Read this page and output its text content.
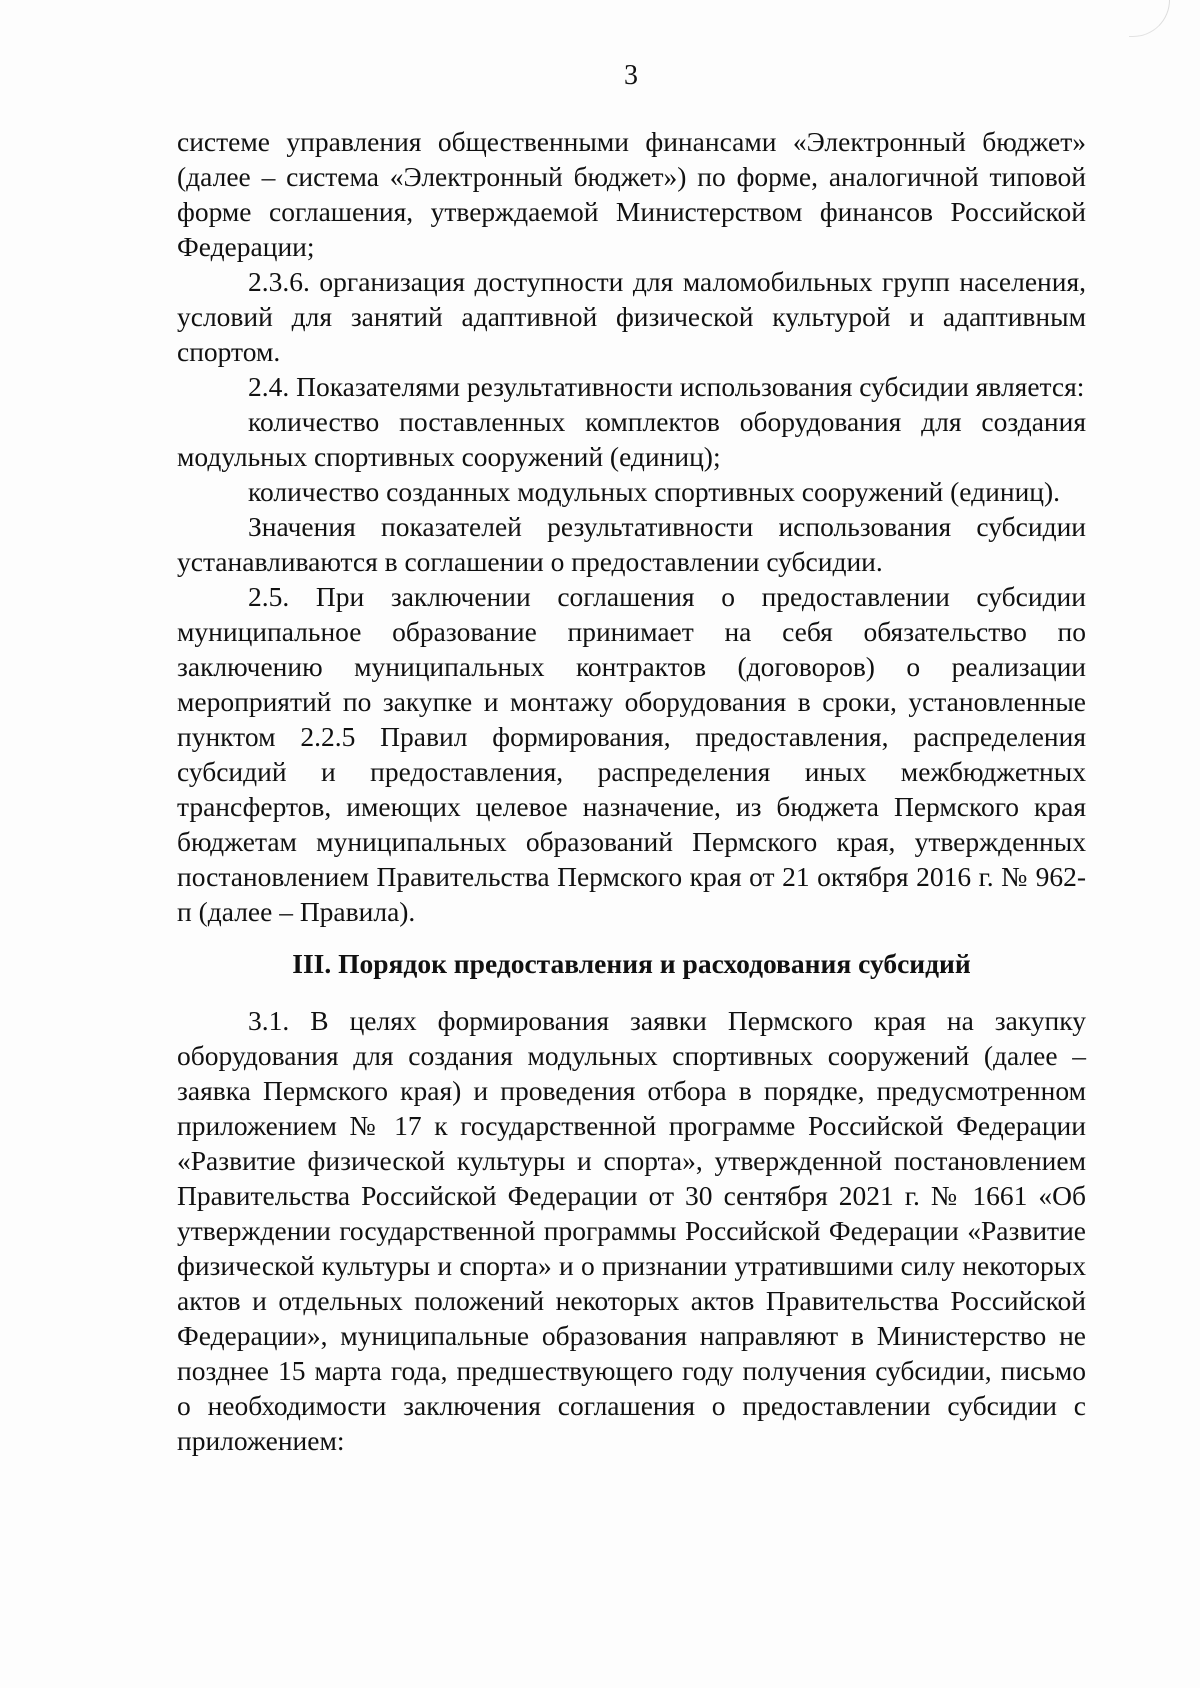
3

системе управления общественными финансами «Электронный бюджет» (далее – система «Электронный бюджет») по форме, аналогичной типовой форме соглашения, утверждаемой Министерством финансов Российской Федерации;

2.3.6. организация доступности для маломобильных групп населения, условий для занятий адаптивной физической культурой и адаптивным спортом.

2.4. Показателями результативности использования субсидии является:

количество поставленных комплектов оборудования для создания модульных спортивных сооружений (единиц);

количество созданных модульных спортивных сооружений (единиц).

Значения показателей результативности использования субсидии устанавливаются в соглашении о предоставлении субсидии.

2.5. При заключении соглашения о предоставлении субсидии муниципальное образование принимает на себя обязательство по заключению муниципальных контрактов (договоров) о реализации мероприятий по закупке и монтажу оборудования в сроки, установленные пунктом 2.2.5 Правил формирования, предоставления, распределения субсидий и предоставления, распределения иных межбюджетных трансфертов, имеющих целевое назначение, из бюджета Пермского края бюджетам муниципальных образований Пермского края, утвержденных постановлением Правительства Пермского края от 21 октября 2016 г. № 962-п (далее – Правила).

III. Порядок предоставления и расходования субсидий

3.1. В целях формирования заявки Пермского края на закупку оборудования для создания модульных спортивных сооружений (далее – заявка Пермского края) и проведения отбора в порядке, предусмотренном приложением № 17 к государственной программе Российской Федерации «Развитие физической культуры и спорта», утвержденной постановлением Правительства Российской Федерации от 30 сентября 2021 г. № 1661 «Об утверждении государственной программы Российской Федерации «Развитие физической культуры и спорта» и о признании утратившими силу некоторых актов и отдельных положений некоторых актов Правительства Российской Федерации», муниципальные образования направляют в Министерство не позднее 15 марта года, предшествующего году получения субсидии, письмо о необходимости заключения соглашения о предоставлении субсидии с приложением:
